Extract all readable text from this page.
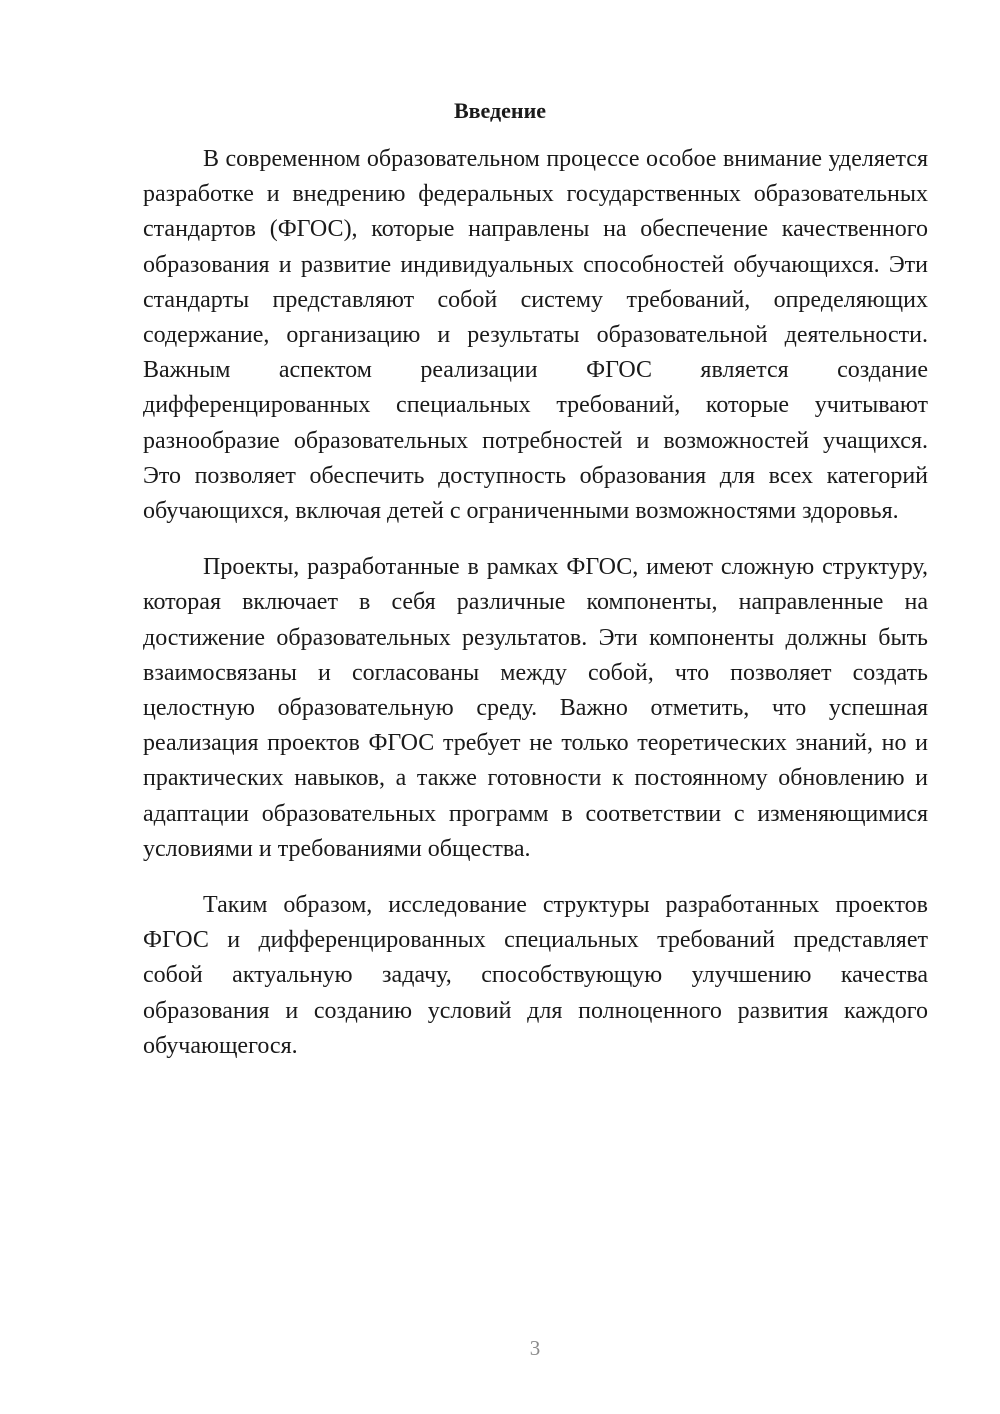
Введение

В современном образовательном процессе особое внимание уделяется разработке и внедрению федеральных государственных образовательных стандартов (ФГОС), которые направлены на обеспечение качественного образования и развитие индивидуальных способностей обучающихся. Эти стандарты представляют собой систему требований, определяющих содержание, организацию и результаты образовательной деятельности. Важным аспектом реализации ФГОС является создание дифференцированных специальных требований, которые учитывают разнообразие образовательных потребностей и возможностей учащихся. Это позволяет обеспечить доступность образования для всех категорий обучающихся, включая детей с ограниченными возможностями здоровья.

Проекты, разработанные в рамках ФГОС, имеют сложную структуру, которая включает в себя различные компоненты, направленные на достижение образовательных результатов. Эти компоненты должны быть взаимосвязаны и согласованы между собой, что позволяет создать целостную образовательную среду. Важно отметить, что успешная реализация проектов ФГОС требует не только теоретических знаний, но и практических навыков, а также готовности к постоянному обновлению и адаптации образовательных программ в соответствии с изменяющимися условиями и требованиями общества.

Таким образом, исследование структуры разработанных проектов ФГОС и дифференцированных специальных требований представляет собой актуальную задачу, способствующую улучшению качества образования и созданию условий для полноценного развития каждого обучающегося.

3
